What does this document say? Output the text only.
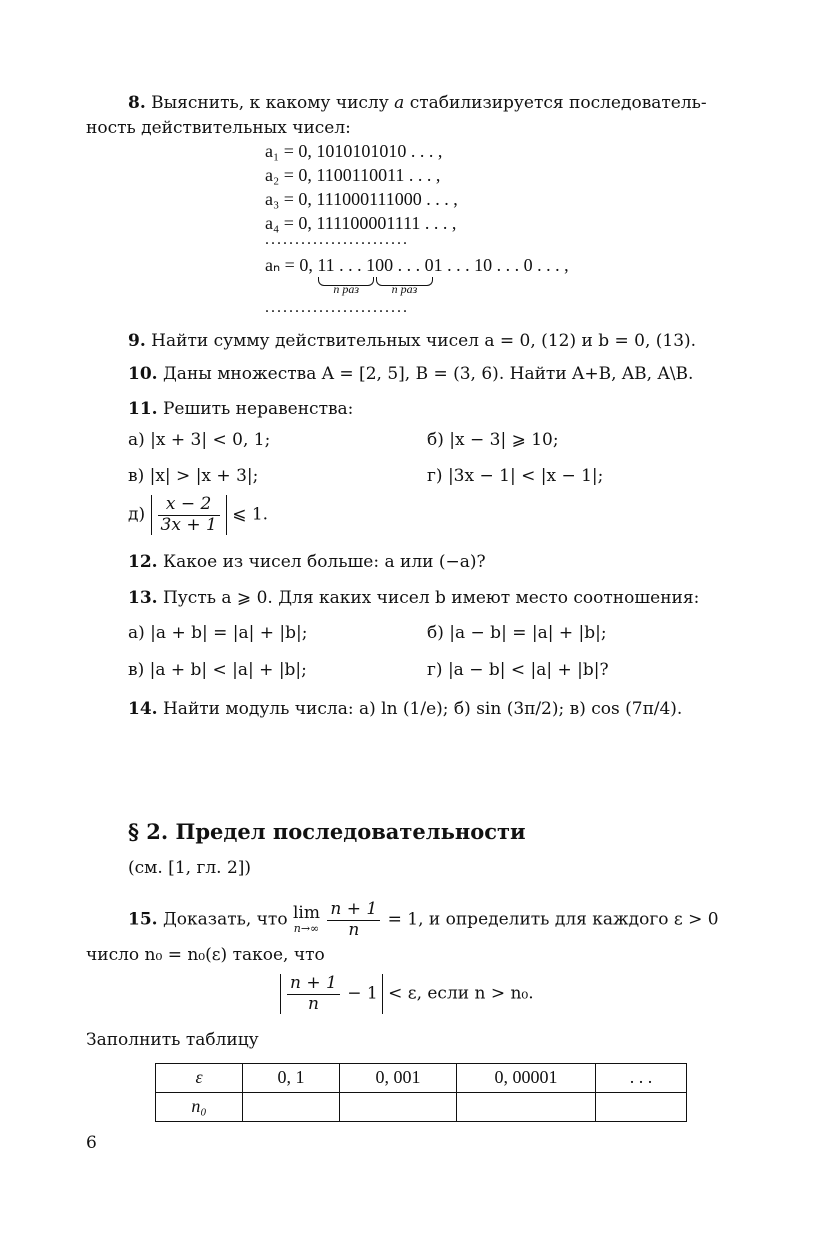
8. Выяснить, к какому числу a стабилизируется последователь-
ность действительных чисел:
a₁ = 0, 1010101010 . . . ,
a₂ = 0, 1100110011 . . . ,
a₃ = 0, 111000111000 . . . ,
a₄ = 0, 111100001111 . . . ,
........................
aₙ = 0, 11 . . . 1
n раз
00 . . . 0
n раз
1 . . . 10 . . . 0 . . . ,
........................
9. Найти сумму действительных чисел a = 0, (12) и b = 0, (13).
10. Даны множества A = [2, 5], B = (3, 6). Найти A+B, AB, A\B.
11. Решить неравенства:
а) |x + 3| < 0, 1;	б) |x − 3| ⩾ 10;
в) |x| > |x + 3|;	г) |3x − 1| < |x − 1|;
$д) \frac{x - 2}{3x + 1}$ ⩽ 1.
12. Какое из чисел больше: a или (−a)?
13. Пусть a ⩾ 0. Для каких чисел b имеют место соотношения:
а) |a + b| = |a| + |b|;	б) |a − b| = |a| + |b|;
в) |a + b| < |a| + |b|;	г) |a − b| < |a| + |b|?
14. Найти модуль числа: а) ln (1/e); б) sin (3π/2); в) cos (7π/4).
§ 2. Предел последовательности
(см. [1, гл. 2])
15. Доказать, что lim
n→∞
$\frac{n + 1}{n} = 1$, и определить для каждого ε > 0
число n₀ = n₀(ε) такое, что
$\frac{n + 1}{n} - 1 < \varepsilon$, если n > n₀.
Заполнить таблицу
ε	0, 1	0, 001	0, 00001	. . .
n₀				
6
